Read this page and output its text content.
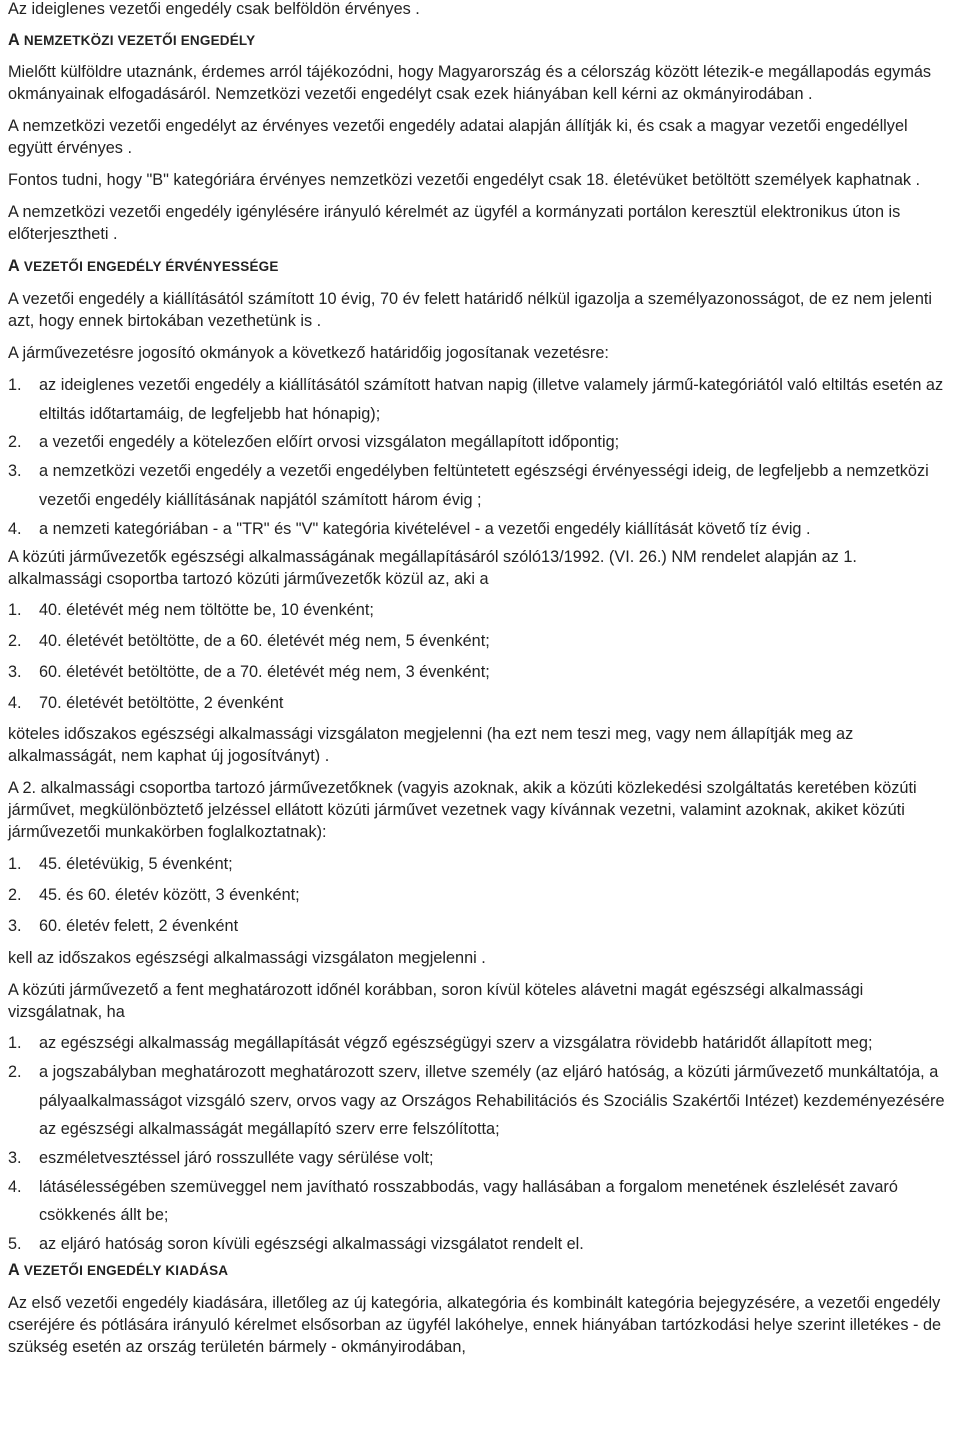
Az ideiglenes vezetői engedély csak belföldön érvényes .

A NEMZETKÖZI VEZETŐI ENGEDÉLY

Mielőtt külföldre utaznánk, érdemes arról tájékozódni, hogy Magyarország és a célország között létezik-e megállapodás egymás okmányainak elfogadásáról. Nemzetközi vezetői engedélyt csak ezek hiányában kell kérni az okmányirodában .

A nemzetközi vezetői engedélyt az érvényes vezetői engedély adatai alapján állítják ki, és csak a magyar vezetői engedéllyel együtt érvényes .

Fontos tudni, hogy "B" kategóriára érvényes nemzetközi vezetői engedélyt csak 18. életévüket betöltött személyek kaphatnak .

A nemzetközi vezetői engedély igénylésére irányuló kérelmét az ügyfél a kormányzati portálon keresztül elektronikus úton is előterjesztheti .

A VEZETŐI ENGEDÉLY ÉRVÉNYESSÉGE

A vezetői engedély a kiállításától számított 10 évig, 70 év felett határidő nélkül igazolja a személyazonosságot, de ez nem jelenti azt, hogy ennek birtokában vezethetünk is .

A járművezetésre jogosító okmányok a következő határidőig jogosítanak vezetésre:

1.	az ideiglenes vezetői engedély a kiállításától számított hatvan napig (illetve valamely jármű-kategóriától való eltiltás esetén az eltiltás időtartamáig, de legfeljebb hat hónapig);
2.	a vezetői engedély a kötelezően előírt orvosi vizsgálaton megállapított időpontig;
3.	a nemzetközi vezetői engedély a vezetői engedélyben feltüntetett egészségi érvényességi ideig, de legfeljebb a nemzetközi vezetői engedély kiállításának napjától számított három évig ;
4.	a nemzeti kategóriában - a "TR" és "V" kategória kivételével - a vezetői engedély kiállítását követő tíz évig .

A közúti járművezetők egészségi alkalmasságának megállapításáról szóló13/1992. (VI. 26.) NM rendelet alapján az 1. alkalmassági csoportba tartozó közúti járművezetők közül az, aki a

1.	40. életévét még nem töltötte be, 10 évenként;
2.	40. életévét betöltötte, de a 60. életévét még nem, 5 évenként;
3.	60. életévét betöltötte, de a 70. életévét még nem, 3 évenként;
4.	70. életévét betöltötte, 2 évenként

köteles időszakos egészségi alkalmassági vizsgálaton megjelenni (ha ezt nem teszi meg, vagy nem állapítják meg az alkalmasságát, nem kaphat új jogosítványt) .

A 2. alkalmassági csoportba tartozó járművezetőknek (vagyis azoknak, akik a közúti közlekedési szolgáltatás keretében közúti járművet, megkülönböztető jelzéssel ellátott közúti járművet vezetnek vagy kívánnak vezetni, valamint azoknak, akiket közúti járművezetői munkakörben foglalkoztatnak):

1.	45. életévükig, 5 évenként;
2.	45. és 60. életév között, 3 évenként;
3.	60. életév felett, 2 évenként

kell az időszakos egészségi alkalmassági vizsgálaton megjelenni .

A közúti járművezető a fent meghatározott időnél korábban, soron kívül köteles alávetni magát egészségi alkalmassági vizsgálatnak, ha

1.	az egészségi alkalmasság megállapítását végző egészségügyi szerv a vizsgálatra rövidebb határidőt állapított meg;
2.	a jogszabályban meghatározott meghatározott szerv, illetve személy (az eljáró hatóság, a közúti járművezető munkáltatója, a pályaalkalmasságot vizsgáló szerv, orvos vagy az Országos Rehabilitációs és Szociális Szakértői Intézet) kezdeményezésére az egészségi alkalmasságát megállapító szerv erre felszólította;
3.	eszméletvesztéssel járó rosszulléte vagy sérülése volt;
4.	látásélességében szemüveggel nem javítható rosszabbodás, vagy hallásában a forgalom menetének észlelését zavaró csökkenés állt be;
5.	az eljáró hatóság soron kívüli egészségi alkalmassági vizsgálatot rendelt el.

A VEZETŐI ENGEDÉLY KIADÁSA

Az első vezetői engedély kiadására, illetőleg az új kategória, alkategória és kombinált kategória bejegyzésére, a vezetői engedély cseréjére és pótlására irányuló kérelmet elsősorban az ügyfél lakóhelye, ennek hiányában tartózkodási helye szerint illetékes - de szükség esetén az ország területén bármely - okmányirodában,
